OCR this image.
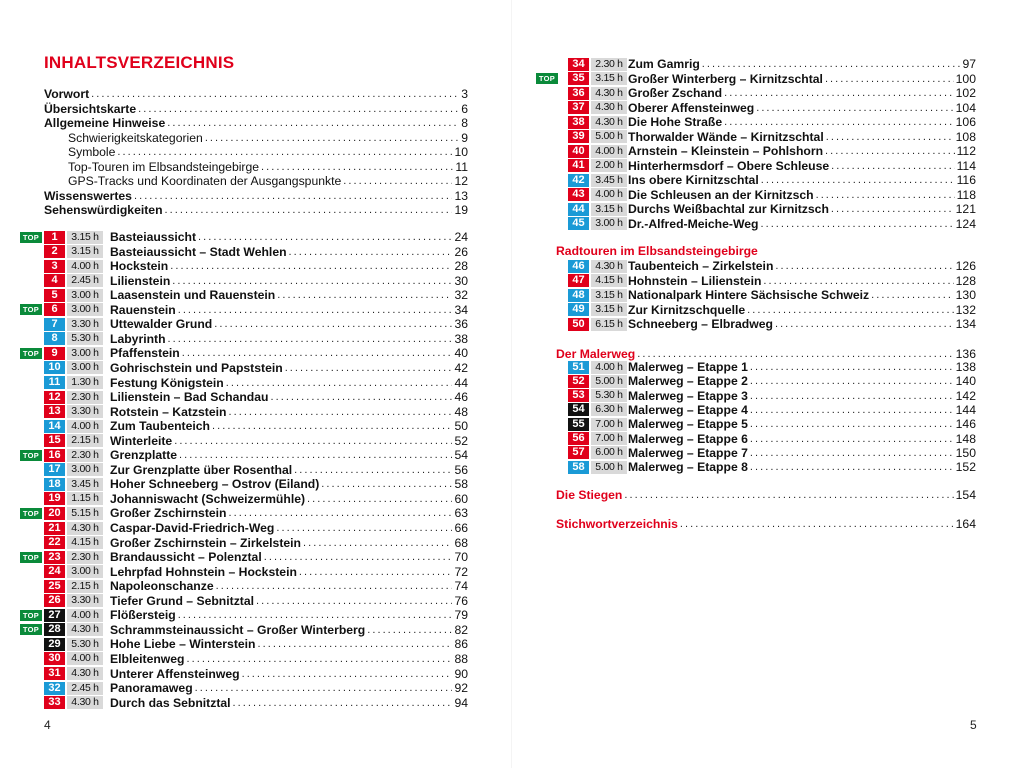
INHALTSVERZEICHNIS
Vorwort . . .	3
Übersichtskarte . . .	6
Allgemeine Hinweise . . .	8
Schwierigkeitskategorien . . .	9
Symbole . . .	10
Top-Touren im Elbsandsteingebirge . . .	11
GPS-Tracks und Koordinaten der Ausgangspunkte . . .	12
Wissenswertes . . .	13
Sehenswürdigkeiten . . .	19
TOP	1	3.15 h Basteiaussicht . . .	24
2	3.15 h Basteiaussicht – Stadt Wehlen . . .	26
3	4.00 h Hockstein . . .	28
4	2.45 h Lilienstein . . .	30
5	3.00 h Laasenstein und Rauenstein . . .	32
TOP	6	3.00 h Rauenstein . . .	34
7	3.30 h Uttewalder Grund . . .	36
8	5.30 h Labyrinth . . .	38
TOP	9	3.00 h Pfaffenstein . . .	40
10	3.00 h Gohrischstein und Papststein . . .	42
11	1.30 h Festung Königstein . . .	44
12	2.30 h Lilienstein – Bad Schandau . . .	46
13	3.30 h Rotstein – Katzstein . . .	48
14	4.00 h Zum Taubenteich . . .	50
15	2.15 h Winterleite . . .	52
TOP 16	2.30 h Grenzplatte . . .	54
17	3.00 h Zur Grenzplatte über Rosenthal . . .	56
18	3.45 h Hoher Schneeberg – Ostrov (Eiland) . . .	58
19	1.15 h Johanniswacht (Schweizermühle) . . .	60
TOP 20	5.15 h Großer Zschirnstein . . .	63
21	4.30 h Caspar-David-Friedrich-Weg . . .	66
22	4.15 h Großer Zschirnstein – Zirkelstein . . .	68
TOP 23	2.30 h Brandaussicht – Polenztal . . .	70
24	3.00 h Lehrpfad Hohnstein – Hockstein . . .	72
25	2.15 h Napoleonschanze . . .	74
26	3.30 h Tiefer Grund – Sebnitztal . . .	76
TOP 27	4.00 h Flößersteig . . .	79
TOP 28	4.30 h Schrammsteinaussicht – Großer Winterberg . . .	82
29	5.30 h Hohe Liebe – Winterstein . . .	86
30	4.00 h Elbleitenweg . . .	88
31	4.30 h Unterer Affensteinweg . . .	90
32	2.45 h Panoramaweg . . .	92
33	4.30 h Durch das Sebnitztal . . .	94
4
34	2.30 h Zum Gamrig . . .	97
TOP	35	3.15 h Großer Winterberg – Kirnitzschtal . . .	100
36	4.30 h Großer Zschand . . .	102
37	4.30 h Oberer Affensteinweg . . .	104
38	4.30 h Die Hohe Straße . . .	106
39	5.00 h Thorwalder Wände – Kirnitzschtal . . .	108
40	4.00 h Arnstein – Kleinstein – Pohlshorn . . .	112
41	2.00 h Hinterhermsdorf – Obere Schleuse . . .	114
42	3.45 h Ins obere Kirnitzschtal . . .	116
43	4.00 h Die Schleusen an der Kirnitzsch . . .	118
44	3.15 h Durchs Weißbachtal zur Kirnitzsch . . .	121
45	3.00 h Dr.-Alfred-Meiche-Weg . . .	124
Radtouren im Elbsandsteingebirge
46	4.30 h Taubenteich – Zirkelstein . . .	126
47	4.15 h Hohnstein – Lilienstein . . .	128
48	3.15 h Nationalpark Hintere Sächsische Schweiz . . .	130
49	3.15 h Zur Kirnitzschquelle . . .	132
50	6.15 h Schneeberg – Elbradweg . . .	134
Der Malerweg . . .	136
51	4.00 h Malerweg – Etappe 1 . . .	138
52	5.00 h Malerweg – Etappe 2 . . .	140
53	5.30 h Malerweg – Etappe 3 . . .	142
54	6.30 h Malerweg – Etappe 4 . . .	144
55	7.00 h Malerweg – Etappe 5 . . .	146
56	7.00 h Malerweg – Etappe 6 . . .	148
57	6.00 h Malerweg – Etappe 7 . . .	150
58	5.00 h Malerweg – Etappe 8 . . .	152
Die Stiegen . . .	154
Stichwortverzeichnis . . .	164
5
